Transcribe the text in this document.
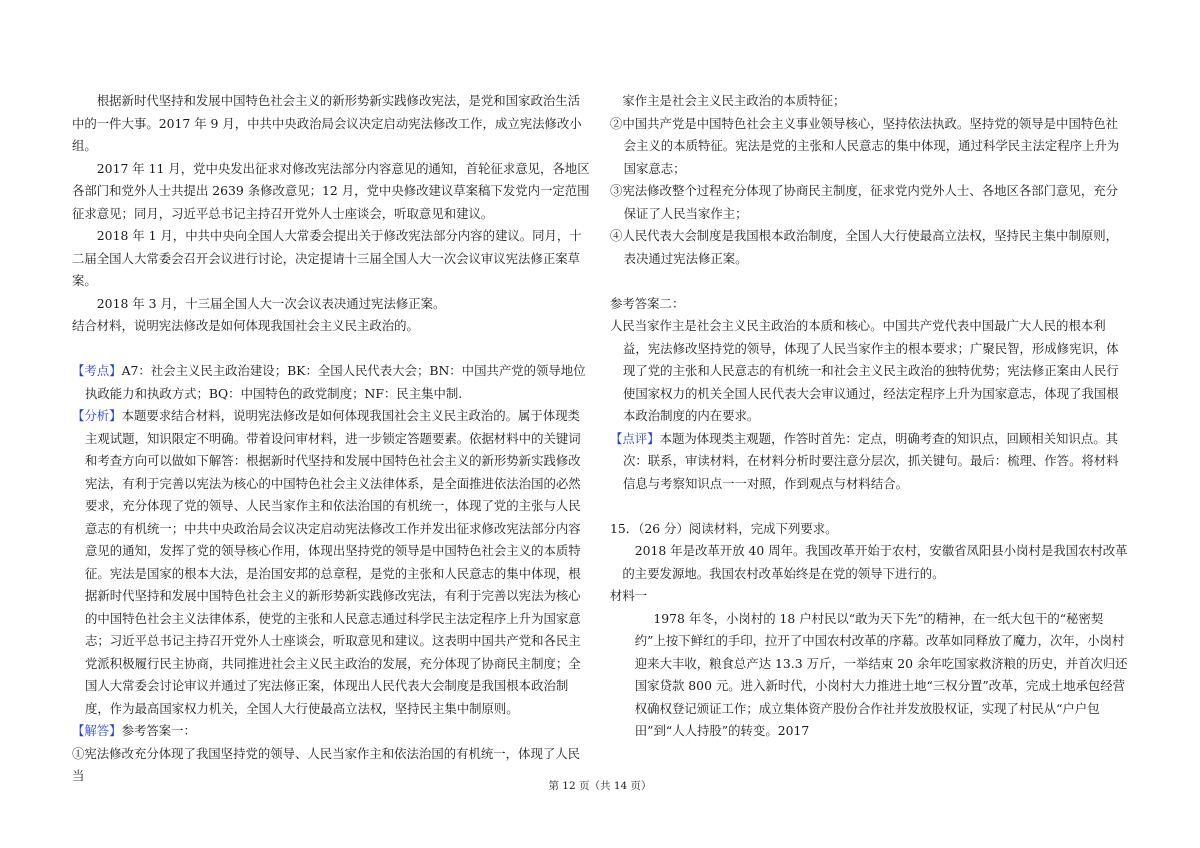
根据新时代坚持和发展中国特色社会主义的新形势新实践修改宪法，是党和国家政治生活中的一件大事。2017 年 9 月，中共中央政治局会议决定启动宪法修改工作，成立宪法修改小组。

2017 年 11 月，党中央发出征求对修改宪法部分内容意见的通知，首轮征求意见，各地区各部门和党外人士共提出 2639 条修改意见；12 月，党中央修改建议草案稿下发党内一定范围征求意见；同月，习近平总书记主持召开党外人士座谈会，听取意见和建议。

2018 年 1 月，中共中央向全国人大常委会提出关于修改宪法部分内容的建议。同月，十二届全国人大常委会召开会议进行讨论，决定提请十三届全国人大一次会议审议宪法修正案草案。

2018 年 3 月，十三届全国人大一次会议表决通过宪法修正案。

结合材料，说明宪法修改是如何体现我国社会主义民主政治的。

【考点】A7：社会主义民主政治建设；BK：全国人民代表大会；BN：中国共产党的领导地位 执政能力和执政方式；BQ：中国特色的政党制度；NF：民主集中制.

【分析】本题要求结合材料，说明宪法修改是如何体现我国社会主义民主政治的。属于体现类主观试题，知识限定不明确。带着设问审材料，进一步锁定答题要素。依据材料中的关键词和考查方向可以做如下解答：根据新时代坚持和发展中国特色社会主义的新形势新实践修改宪法，有利于完善以宪法为核心的中国特色社会主义法律体系，是全面推进依法治国的必然要求，充分体现了党的领导、人民当家作主和依法治国的有机统一，体现了党的主张与人民意志的有机统一；中共中央政治局会议决定启动宪法修改工作并发出征求修改宪法部分内容意见的通知，发挥了党的领导核心作用，体现出坚持党的领导是中国特色社会主义的本质特征。宪法是国家的根本大法，是治国安邦的总章程，是党的主张和人民意志的集中体现，根据新时代坚持和发展中国特色社会主义的新形势新实践修改宪法，有利于完善以宪法为核心的中国特色社会主义法律体系，使党的主张和人民意志通过科学民主法定程序上升为国家意志；习近平总书记主持召开党外人士座谈会，听取意见和建议。这表明中国共产党和各民主党派积极履行民主协商，共同推进社会主义民主政治的发展，充分体现了协商民主制度；全国人大常委会讨论审议并通过了宪法修正案，体现出人民代表大会制度是我国根本政治制度，作为最高国家权力机关，全国人大行使最高立法权，坚持民主集中制原则。

【解答】参考答案一：

①宪法修改充分体现了我国坚持党的领导、人民当家作主和依法治国的有机统一，体现了人民当

家作主是社会主义民主政治的本质特征；

②中国共产党是中国特色社会主义事业领导核心，坚持依法执政。坚持党的领导是中国特色社会主义的本质特征。宪法是党的主张和人民意志的集中体现，通过科学民主法定程序上升为国家意志；

③宪法修改整个过程充分体现了协商民主制度，征求党内党外人士、各地区各部门意见，充分保证了人民当家作主；

④人民代表大会制度是我国根本政治制度，全国人大行使最高立法权，坚持民主集中制原则，表决通过宪法修正案。

参考答案二：

人民当家作主是社会主义民主政治的本质和核心。中国共产党代表中国最广大人民的根本利益，宪法修改坚持党的领导，体现了人民当家作主的根本要求；广聚民智，形成修宪识，体现了党的主张和人民意志的有机统一和社会主义民主政治的独特优势；宪法修正案由人民行使国家权力的机关全国人民代表大会审议通过，经法定程序上升为国家意志，体现了我国根本政治制度的内在要求。

【点评】本题为体现类主观题，作答时首先：定点，明确考查的知识点，回顾相关知识点。其次：联系，审读材料，在材料分析时要注意分层次，抓关键句。最后：梳理、作答。将材料信息与考察知识点一一对照，作到观点与材料结合。

15．（26 分）阅读材料，完成下列要求。

2018 年是改革开放 40 周年。我国改革开始于农村，安徽省凤阳县小岗村是我国农村改革的主要发源地。我国农村改革始终是在党的领导下进行的。

材料一

1978 年冬，小岗村的 18 户村民以“敢为天下先”的精神，在一纸大包干的“秘密契约”上按下鲜红的手印，拉开了中国农村改革的序幕。改革如同释放了魔力，次年，小岗村迎来大丰收，粮食总产达 13.3 万斤，一举结束 20 余年吃国家救济粮的历史，并首次归还国家贷款 800 元。进入新时代，小岗村大力推进土地“三权分置”改革，完成土地承包经营权确权登记颁证工作；成立集体资产股份合作社并发放股权证，实现了村民从“户户包田”到“人人持股”的转变。2017

第 12 页（共 14 页）
